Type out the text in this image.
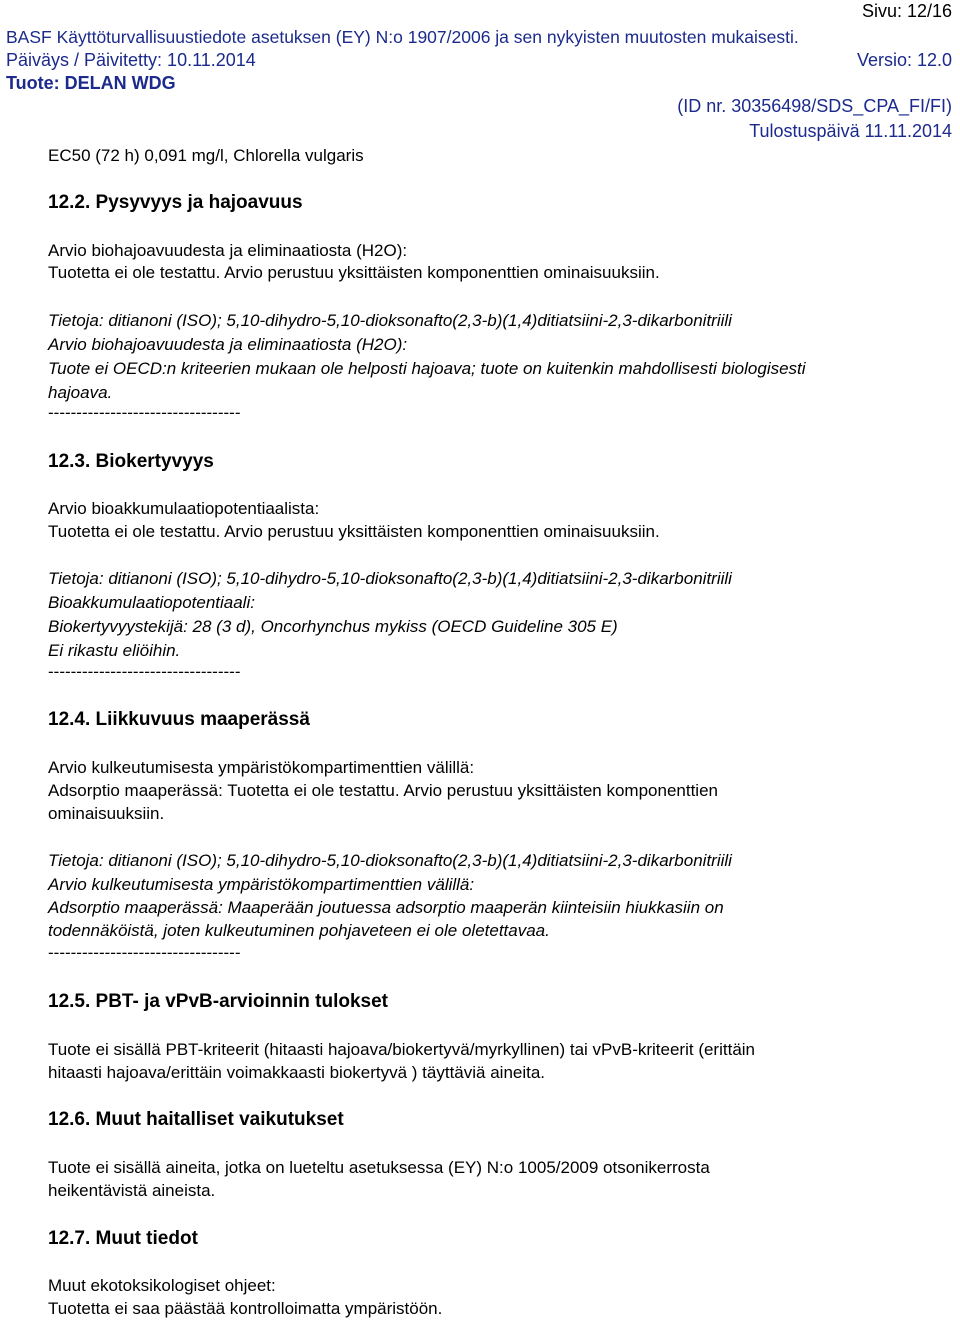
Sivu: 12/16
BASF Käyttöturvallisuustiedote asetuksen (EY) N:o 1907/2006 ja sen nykyisten muutosten mukaisesti.
Päiväys / Päivitetty: 10.11.2014	Versio: 12.0
Tuote: DELAN WDG
(ID nr. 30356498/SDS_CPA_FI/FI)
Tulostuspäivä 11.11.2014
EC50 (72 h) 0,091 mg/l, Chlorella vulgaris
12.2. Pysyvyys ja hajoavuus
Arvio biohajoavuudesta ja eliminaatiosta (H2O):
Tuotetta ei ole testattu. Arvio perustuu yksittäisten komponenttien ominaisuuksiin.
Tietoja: ditianoni (ISO); 5,10-dihydro-5,10-dioksonafto(2,3-b)(1,4)ditiatsiini-2,3-dikarbonitriili
Arvio biohajoavuudesta ja eliminaatiosta (H2O):
Tuote ei OECD:n kriteerien mukaan ole helposti hajoava; tuote on kuitenkin mahdollisesti biologisesti
hajoava.
----------------------------------
12.3. Biokertyvyys
Arvio bioakkumulaatiopotentiaalista:
Tuotetta ei ole testattu. Arvio perustuu yksittäisten komponenttien ominaisuuksiin.
Tietoja: ditianoni (ISO); 5,10-dihydro-5,10-dioksonafto(2,3-b)(1,4)ditiatsiini-2,3-dikarbonitriili
Bioakkumulaatiopotentiaali:
Biokertyvyystekijä: 28 (3 d), Oncorhynchus mykiss (OECD Guideline 305 E)
Ei rikastu eliöihin.
----------------------------------
12.4. Liikkuvuus maaperässä
Arvio kulkeutumisesta ympäristökompartimenttien välillä:
Adsorptio maaperässä: Tuotetta ei ole testattu. Arvio perustuu yksittäisten komponenttien
ominaisuuksiin.
Tietoja: ditianoni (ISO); 5,10-dihydro-5,10-dioksonafto(2,3-b)(1,4)ditiatsiini-2,3-dikarbonitriili
Arvio kulkeutumisesta ympäristökompartimenttien välillä:
Adsorptio maaperässä: Maaperään joutuessa adsorptio maaperän kiinteisiin hiukkasiin on
todennäköistä, joten kulkeutuminen pohjaveteen ei ole oletettavaa.
----------------------------------
12.5. PBT- ja vPvB-arvioinnin tulokset
Tuote ei sisällä PBT-kriteerit (hitaasti hajoava/biokertyvä/myrkyllinen) tai vPvB-kriteerit (erittäin
hitaasti hajoava/erittäin voimakkaasti biokertyvä ) täyttäviä aineita.
12.6. Muut haitalliset vaikutukset
Tuote ei sisällä aineita, jotka on lueteltu asetuksessa (EY) N:o 1005/2009 otsonikerrosta
heikentävistä aineista.
12.7. Muut tiedot
Muut ekotoksikologiset ohjeet:
Tuotetta ei saa päästää kontrolloimatta ympäristöön.
